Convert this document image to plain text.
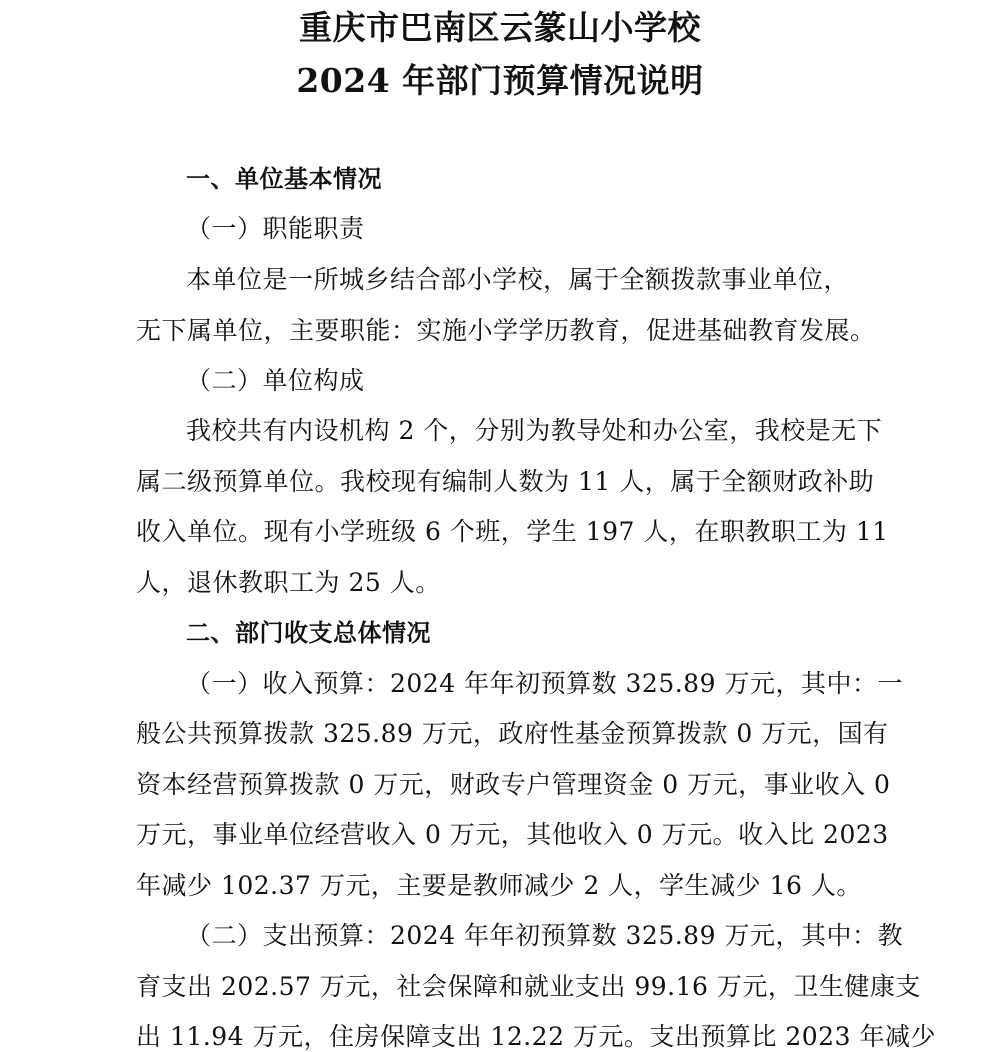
重庆市巴南区云篆山小学校
2024 年部门预算情况说明
一、单位基本情况
（一）职能职责
本单位是一所城乡结合部小学校，属于全额拨款事业单位，
无下属单位，主要职能：实施小学学历教育，促进基础教育发展。
（二）单位构成
我校共有内设机构 2 个，分别为教导处和办公室，我校是无下
属二级预算单位。我校现有编制人数为 11 人，属于全额财政补助
收入单位。现有小学班级 6 个班，学生 197 人，在职教职工为 11
人，退休教职工为 25 人。
二、部门收支总体情况
（一）收入预算：2024 年年初预算数 325.89 万元，其中：一
般公共预算拨款 325.89 万元，政府性基金预算拨款 0 万元，国有
资本经营预算拨款 0 万元，财政专户管理资金 0 万元，事业收入 0
万元，事业单位经营收入 0 万元，其他收入 0 万元。收入比 2023
年减少 102.37 万元，主要是教师减少 2 人，学生减少 16 人。
（二）支出预算：2024 年年初预算数 325.89 万元，其中：教
育支出 202.57 万元，社会保障和就业支出 99.16 万元，卫生健康支
出 11.94 万元，住房保障支出 12.22 万元。支出预算比 2023 年减少
